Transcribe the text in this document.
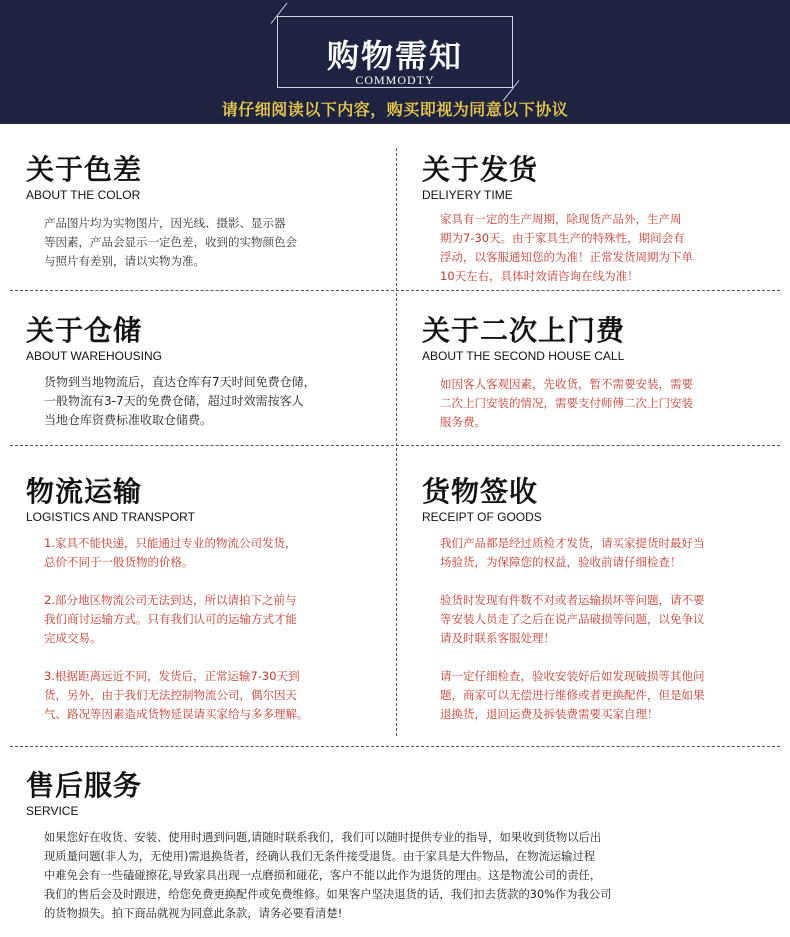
购物需知
COMMODTY
请仔细阅读以下内容，购买即视为同意以下协议
关于色差
ABOUT THE COLOR

产品图片均为实物图片，因光线、摄影、显示器

等因素，产品会显示一定色差，收到的实物颜色会

与照片有差别，请以实物为准。

关于发货
DELIYERY TIME

家具有一定的生产周期，除现货产品外，生产周

期为7-30天。由于家具生产的特殊性，期间会有

浮动，以客服通知您的为准！正常发货周期为下单

10天左右，具体时效请咨询在线为准！

关于仓储
ABOUT WAREHOUSING

货物到当地物流后，直达仓库有7天时间免费仓储，

一般物流有3-7天的免费仓储，超过时效需按客人

当地仓库资费标准收取仓储费。

关于二次上门费
ABOUT THE SECOND HOUSE CALL

如因客人客观因素，先收货，暂不需要安装，需要

二次上门安装的情况，需要支付师傅二次上门安装

服务费。

物流运输
LOGISTICS AND TRANSPORT

1.家具不能快递，只能通过专业的物流公司发货，

总价不同于一般货物的价格。

2.部分地区物流公司无法到达，所以请拍下之前与

我们商讨运输方式。只有我们认可的运输方式才能

完成交易。

3.根据距离远近不同，发货后，正常运输7-30天到

货，另外，由于我们无法控制物流公司，偶尔因天

气、路况等因素造成货物延误请买家给与多多理解。

货物签收
RECEIPT OF GOODS

我们产品都是经过质检才发货，请买家提货时最好当

场验货，为保障您的权益，验收前请仔细检查！

验货时发现有件数不对或者运输损坏等问题，请不要

等安装人员走了之后在说产品破损等问题，以免争议

请及时联系客服处理！

请一定仔细检查，验收安装好后如发现破损等其他问

题，商家可以无偿进行维修或者更换配件，但是如果

退换货，退回运费及拆装费需要买家自理！

售后服务
SERVICE

如果您好在收货、安装、使用时遇到问题,请随时联系我们，我们可以随时提供专业的指导，如果收到货物以后出

现质量问题(非人为，无使用)需退换货者，经确认我们无条件接受退货。由于家具是大件物品，在物流运输过程

中难免会有一些磕碰擦花,导致家具出现一点磨损和碰花，客户不能以此作为退货的理由。这是物流公司的责任，

我们的售后会及时跟进，给您免费更换配件或免费维修。如果客户坚决退货的话，我们扣去货款的30%作为我公司

的货物损失。拍下商品就视为同意此条款，请务必要看清楚!
